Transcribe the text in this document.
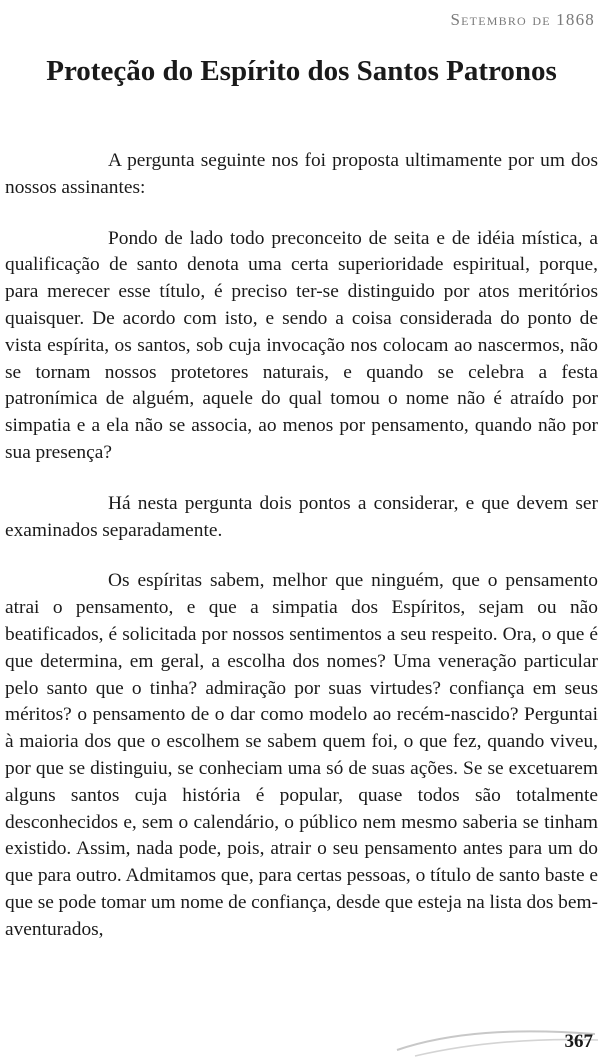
Setembro de 1868
Proteção do Espírito dos Santos Patronos

A pergunta seguinte nos foi proposta ultimamente por um dos nossos assinantes:

Pondo de lado todo preconceito de seita e de idéia mística, a qualificação de santo denota uma certa superioridade espiritual, porque, para merecer esse título, é preciso ter-se distinguido por atos meritórios quaisquer. De acordo com isto, e sendo a coisa considerada do ponto de vista espírita, os santos, sob cuja invocação nos colocam ao nascermos, não se tornam nossos protetores naturais, e quando se celebra a festa patronímica de alguém, aquele do qual tomou o nome não é atraído por simpatia e a ela não se associa, ao menos por pensamento, quando não por sua presença?

Há nesta pergunta dois pontos a considerar, e que devem ser examinados separadamente.

Os espíritas sabem, melhor que ninguém, que o pensamento atrai o pensamento, e que a simpatia dos Espíritos, sejam ou não beatificados, é solicitada por nossos sentimentos a seu respeito. Ora, o que é que determina, em geral, a escolha dos nomes? Uma veneração particular pelo santo que o tinha? admiração por suas virtudes? confiança em seus méritos? o pensamento de o dar como modelo ao recém-nascido? Perguntai à maioria dos que o escolhem se sabem quem foi, o que fez, quando viveu, por que se distinguiu, se conheciam uma só de suas ações. Se se excetuarem alguns santos cuja história é popular, quase todos são totalmente desconhecidos e, sem o calendário, o público nem mesmo saberia se tinham existido. Assim, nada pode, pois, atrair o seu pensamento antes para um do que para outro. Admitamos que, para certas pessoas, o título de santo baste e que se pode tomar um nome de confiança, desde que esteja na lista dos bem-aventurados,

367
